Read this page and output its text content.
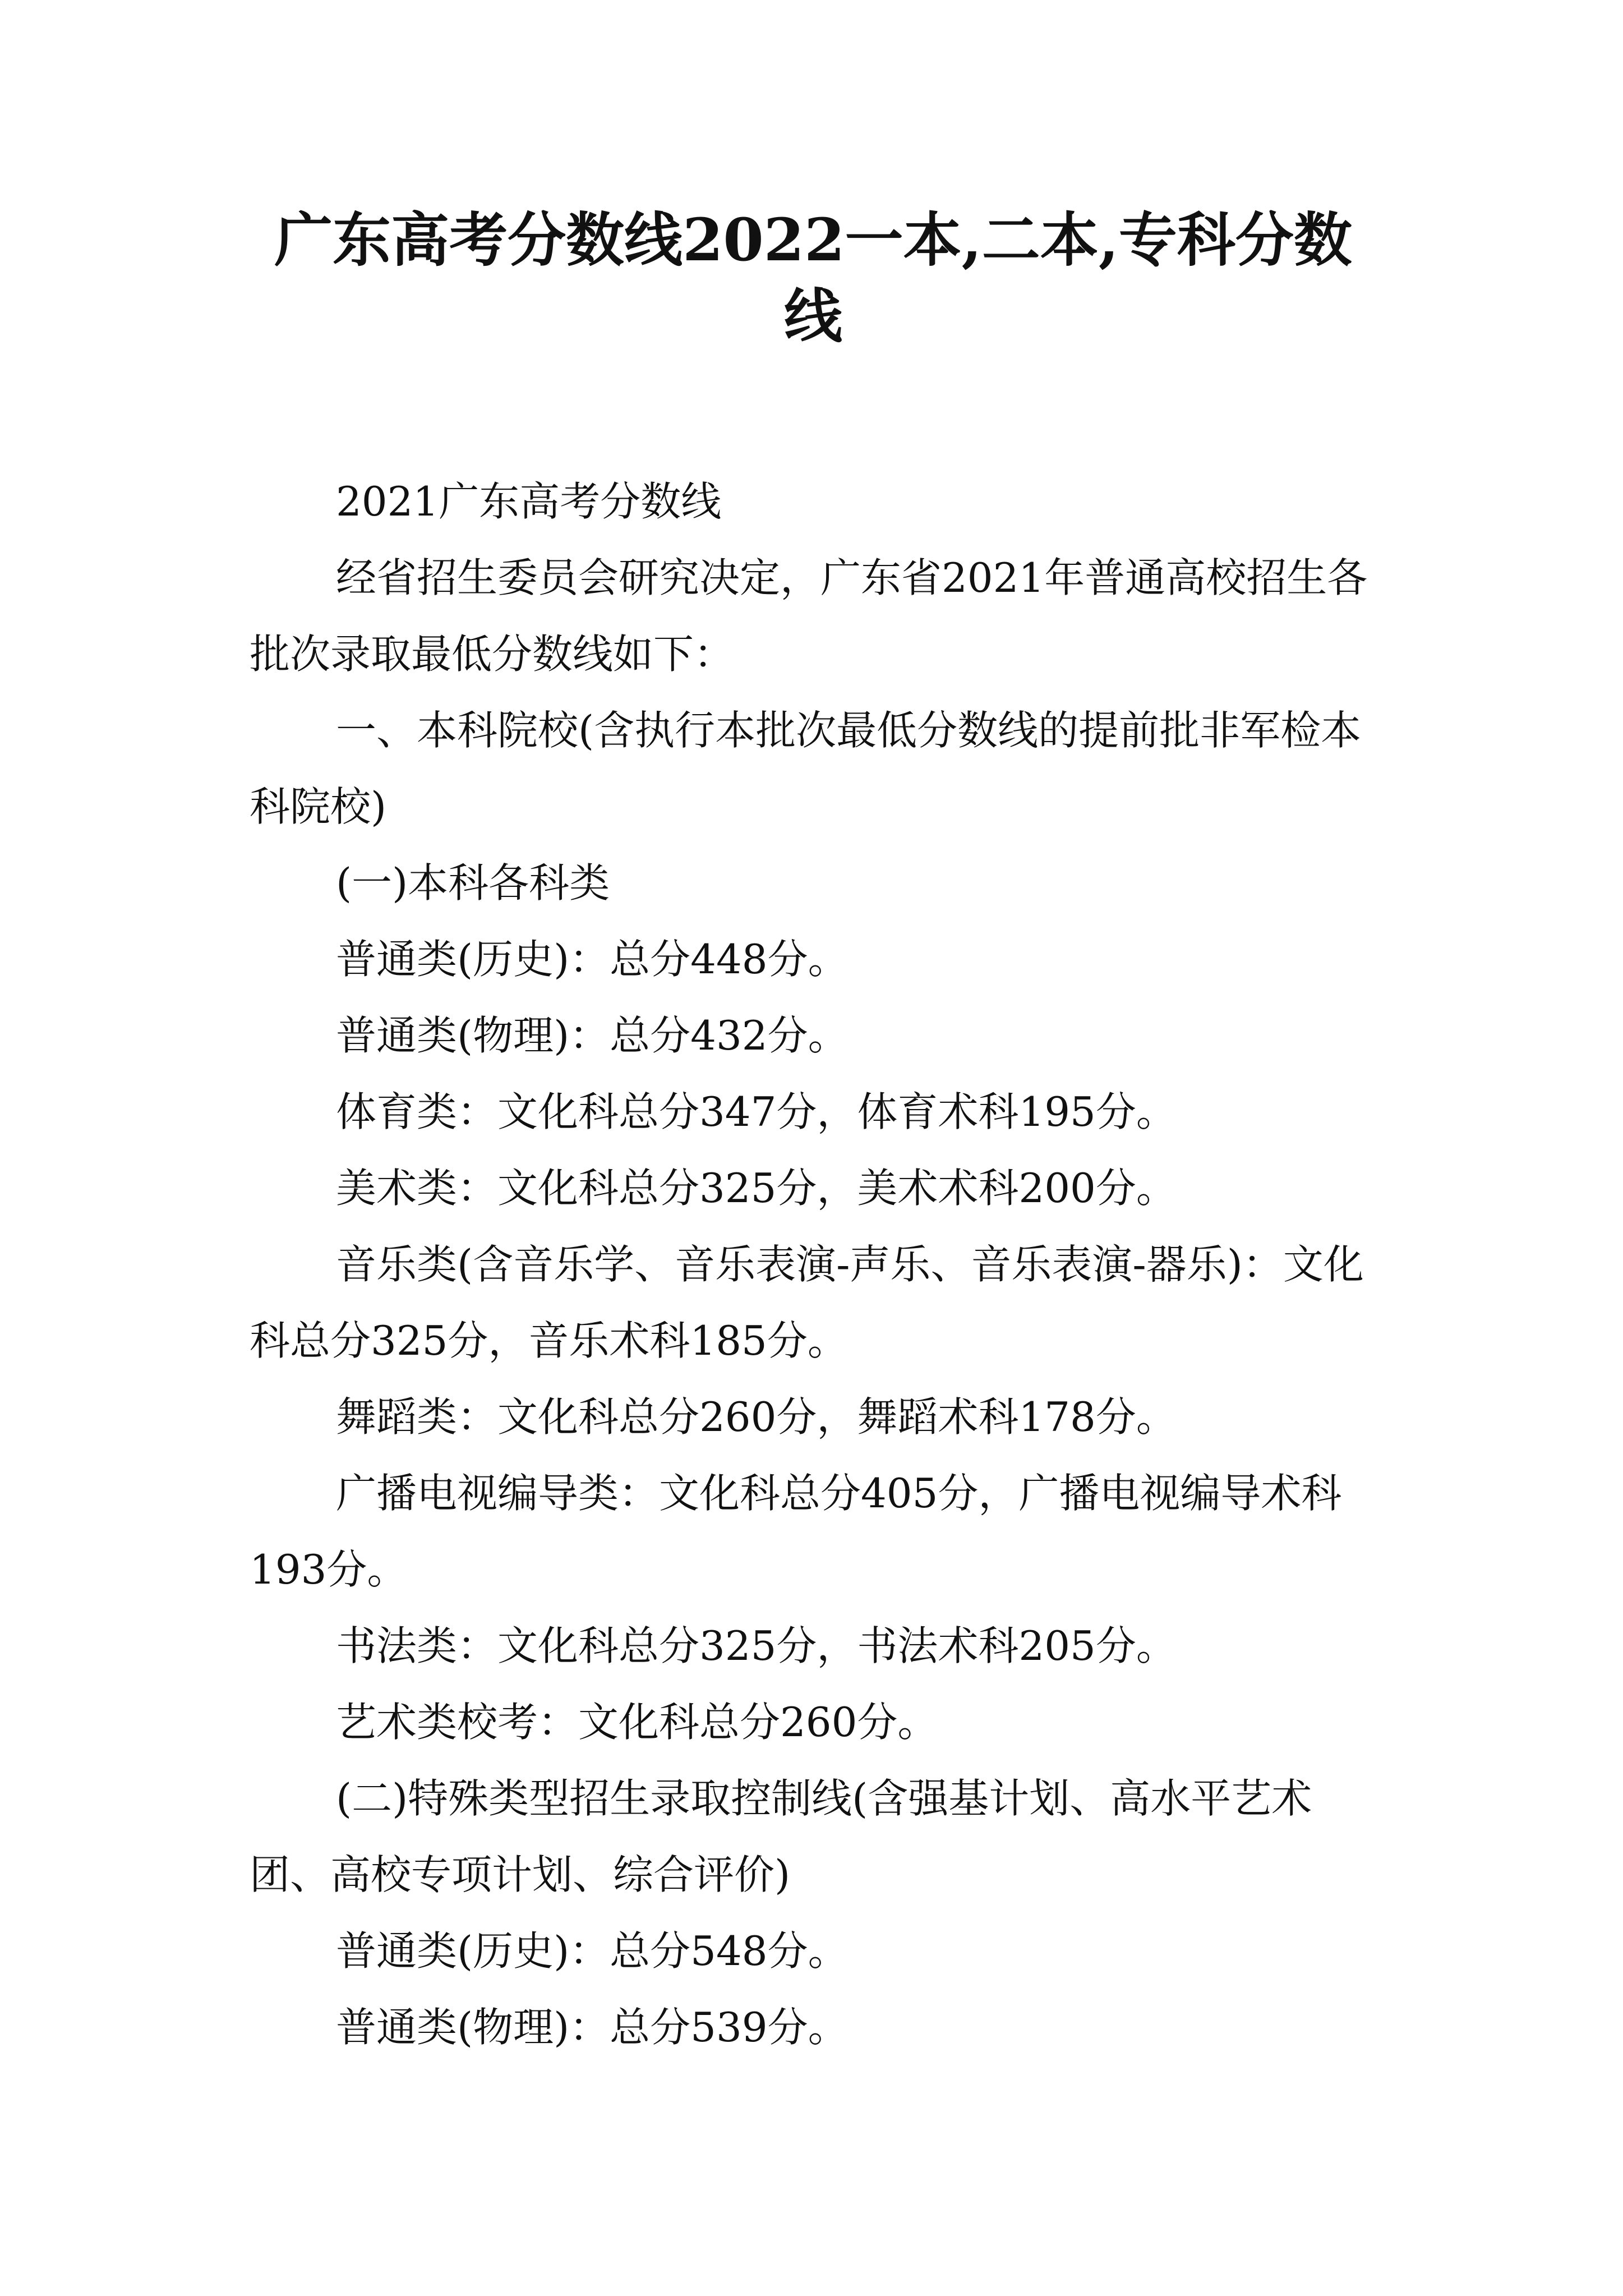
广东高考分数线2022一本,二本,专科分数线

2021广东高考分数线

经省招生委员会研究决定，广东省2021年普通高校招生各批次录取最低分数线如下：

一、本科院校(含执行本批次最低分数线的提前批非军检本科院校)

(一)本科各科类

普通类(历史)：总分448分。

普通类(物理)：总分432分。

体育类：文化科总分347分，体育术科195分。

美术类：文化科总分325分，美术术科200分。

音乐类(含音乐学、音乐表演-声乐、音乐表演-器乐)：文化科总分325分，音乐术科185分。

舞蹈类：文化科总分260分，舞蹈术科178分。

广播电视编导类：文化科总分405分，广播电视编导术科193分。

书法类：文化科总分325分，书法术科205分。

艺术类校考：文化科总分260分。

(二)特殊类型招生录取控制线(含强基计划、高水平艺术团、高校专项计划、综合评价)

普通类(历史)：总分548分。

普通类(物理)：总分539分。
